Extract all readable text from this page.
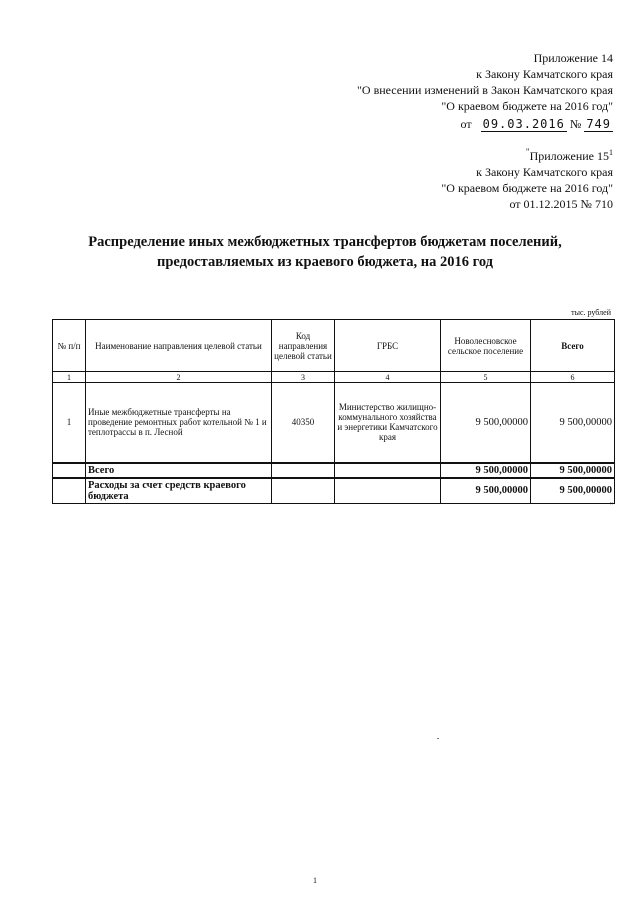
Приложение 14
к Закону Камчатского края
"О внесении изменений в Закон Камчатского края
"О краевом бюджете на 2016 год"
от 09.03.2016 № 749
"Приложение $15^1$
к Закону Камчатского края
"О краевом бюджете на 2016 год"
от 01.12.2015 № 710
Распределение иных межбюджетных трансфертов бюджетам поселений,
предоставляемых из краевого бюджета, на 2016 год
тыс. рублей
№ п/п	Наименование направления целевой статьи	Код направления целевой статьи	ГРБС	Новолесновское сельское поселение	Всего
1	2	3	4	5	6
1	Иные межбюджетные трансферты на проведение ремонтных работ котельной № 1 и теплотрассы в п. Лесной	40350	Министерство жилищно-коммунального хозяйства и энергетики Камчатского края	9 500,00000	9 500,00000
	Всего			9 500,00000	9 500,00000
	Расходы за счет средств краевого бюджета			9 500,00000	9 500,00000
"
1
